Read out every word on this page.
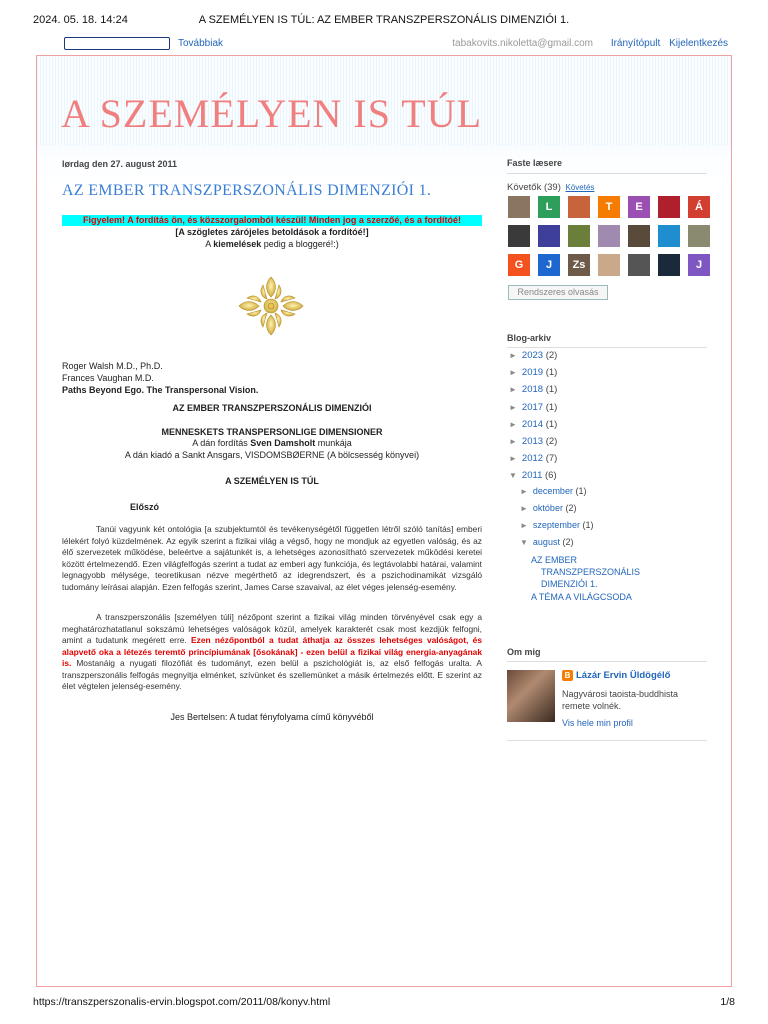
2024. 05. 18. 14:24	A SZEMÉLYEN IS TÚL: AZ EMBER TRANSZPERSZONÁLIS DIMENZIÓI 1.
Továbbiak	tabakovits.nikoletta@gmail.com Irányítópult Kijelentkezés
A SZEMÉLYEN IS TÚL
lørdag den 27. august 2011
AZ EMBER TRANSZPERSZONÁLIS DIMENZIÓI 1.
Figyelem! A fordítás ön, és közszorgalomból készül! Minden jog a szerzőé, és a fordítóé!
[A szögletes zárójeles betoldások a fordítóé!]
A kiemelések pedig a bloggeré!:)
Roger Walsh M.D., Ph.D.
Frances Vaughan M.D.
Paths Beyond Ego. The Transpersonal Vision.
AZ EMBER TRANSZPERSZONÁLIS DIMENZIÓI
MENNESKETS TRANSPERSONLIGE DIMENSIONER
A dán fordítás Sven Damsholt munkája
A dán kiadó a Sankt Ansgars, VISDOMSBØERNE (A bölcsesség könyvei)
A SZEMÉLYEN IS TÚL
Előszó
Tanúi vagyunk két ontológia [a szubjektumtól és tevékenységétől független létről szóló tanítás] emberi lélekért folyó küzdelmének. Az egyik szerint a fizikai világ a végső, hogy ne mondjuk az egyetlen valóság, és az élő szervezetek működése, beleértve a sajátunkét is, a lehetséges azonosítható szervezetek működési keretei között értelmezendő. Ezen világfelfogás szerint a tudat az emberi agy funkciója, és legtávolabbi határai, valamint legnagyobb mélysége, teoretikusan nézve megérthető az idegrendszert, és a pszichodinamikát vizsgáló tudomány leírásai alapján. Ezen felfogás szerint, James Carse szavaival, az élet véges jelenség-esemény.
A transzperszonális [személyen túli] nézőpont szerint a fizikai világ minden törvényével csak egy a meghatározhatatlanul sokszámú lehetséges valóságok közül, amelyek karakterét csak most kezdjük felfogni, amint a tudatunk megérett erre. Ezen nézőpontból a tudat áthatja az összes lehetséges valóságot, és alapvető oka a létezés teremtő princípiumának [ősokának] - ezen belül a fizikai világ energia-anyagának is. Mostanáig a nyugati filozófiát és tudományt, ezen belül a pszichológiát is, az első felfogás uralta. A transzperszonális felfogás megnyitja elménket, szívünket és szellemünket a másik értelmezés előtt. E szerint az élet végtelen jelenség-esemény.
Jes Bertelsen: A tudat fényfolyama című könyvéből
Faste læsere
Követők (39) Követés
L	T	E	Á
G	J	Zs	J
Rendszeres olvasás
Blog-arkiv
► 2023 (2)
► 2019 (1)
► 2018 (1)
► 2017 (1)
► 2014 (1)
► 2013 (2)
► 2012 (7)
▼ 2011 (6)
► december (1)
► október (2)
► szeptember (1)
▼ august (2)
AZ EMBER TRANSZPERSZONÁLIS DIMENZIÓI 1.
A TÉMA A VILÁGCSODA
Om mig
B Lázár Ervin Üldögélő
Nagyvárosi taoista-buddhista remete volnék.
Vis hele min profil
https://transzperszonalis-ervin.blogspot.com/2011/08/konyv.html	1/8
